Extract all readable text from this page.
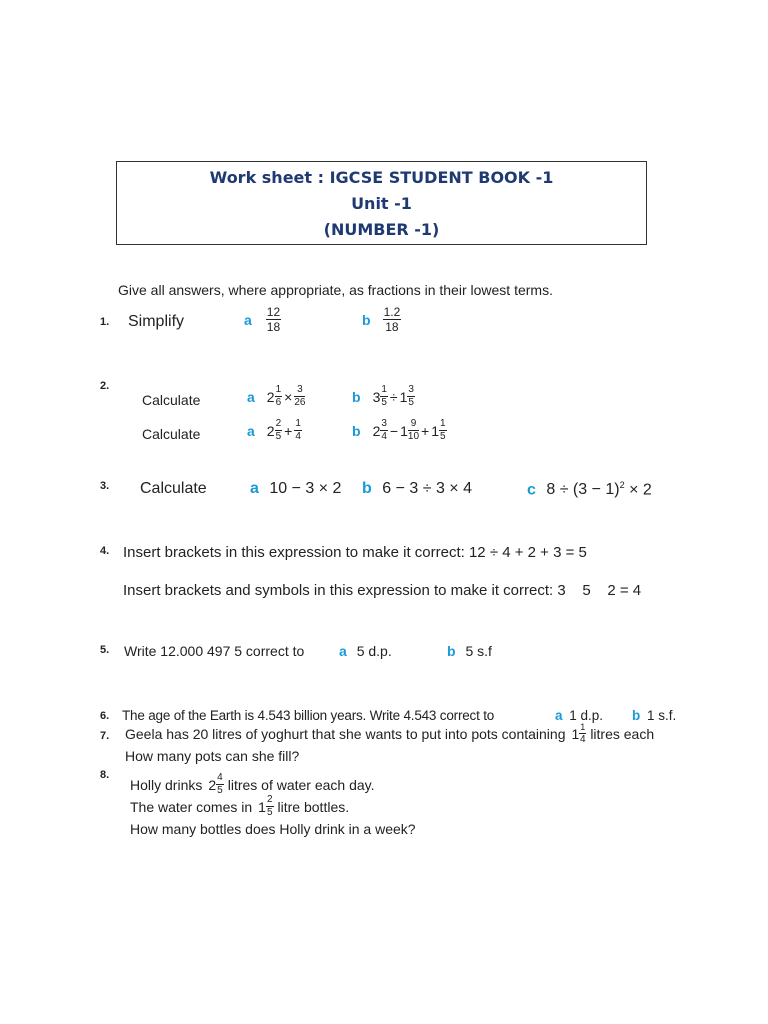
Work sheet : IGCSE STUDENT BOOK -1
Unit -1
(NUMBER -1)
Give all answers, where appropriate, as fractions in their lowest terms.
1. Simplify	a $\frac{12}{18}$	b $\frac{1.2}{18}$
2.
Calculate	a $2 \frac{1}{6} \times \frac{3}{26}$	b $3 \frac{1}{5} \div 1 \frac{3}{5}$
Calculate	a $2 \frac{2}{5} + \frac{1}{4}$	b $2 \frac{3}{4} - 1 \frac{9}{10} + 1 \frac{1}{5}$
3. Calculate	a 10 − 3 × 2 b 6 − 3 ÷ 3 × 4	c $8 \div (3 - 1)^2 \times 2$
4. Insert brackets in this expression to make it correct: 12 ÷ 4 + 2 + 3 = 5
Insert brackets and symbols in this expression to make it correct: 3    5    2 = 4
5. Write 12.000 497 5 correct to a 5 d.p.	b 5 s.f
6. The age of the Earth is 4.543 billion years. Write 4.543 correct to	a 1 d.p. b 1 s.f.
7. Geela has 20 litres of yoghurt that she wants to put into pots containing $1 \frac{1}{4}$ litres each
How many pots can she fill?
8.
Holly drinks $2 \frac{4}{5}$ litres of water each day.
The water comes in $1 \frac{2}{5}$ litre bottles.
How many bottles does Holly drink in a week?
